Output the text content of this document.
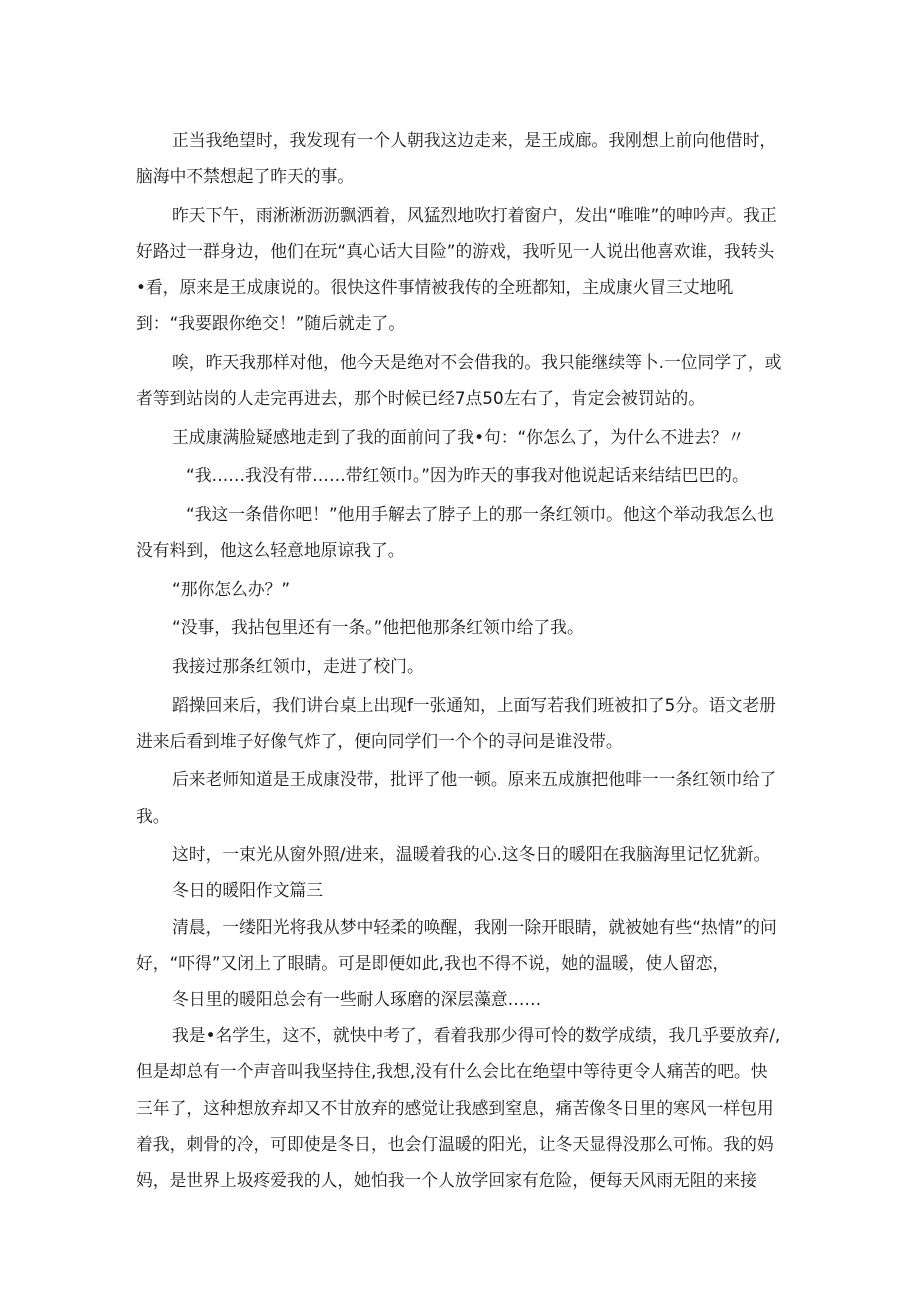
正当我绝望时，我发现有一个人朝我这边走来，是王成廊。我刚想上前向他借时，脑海中不禁想起了昨天的事。

昨天下午，雨淅淅沥沥飘洒着，风猛烈地吹打着窗户，发出“唯唯”的呻吟声。我正好路过一群身边，他们在玩“真心话大目险”的游戏，我听见一人说出他喜欢谁，我转头•看，原来是王成康说的。很快这件事情被我传的全班都知，主成康火冒三丈地吼到：“我要跟你绝交！”随后就走了。

唉，昨天我那样对他，他今天是绝对不会借我的。我只能继续等卜.一位同学了，或者等到站岗的人走完再进去，那个时候已经7点50左右了，肯定会被罚站的。

王成康满脸疑感地走到了我的面前问了我•句：“你怎么了，为什么不进去？〃

“我……我没有带……带红领巾。”因为昨天的事我对他说起话来结结巴巴的。

“我这一条借你吧！”他用手解去了脖子上的那一条红领巾。他这个举动我怎么也没有料到，他这么轻意地原谅我了。

“那你怎么办？”

“没事，我拈包里还有一条。”他把他那条红领巾给了我。

我接过那条红领巾，走进了校门。

蹈操回来后，我们讲台桌上出现f一张通知，上面写若我们班被扣了5分。语文老册进来后看到堆子好像气炸了，便向同学们一个个的寻问是谁没带。

后来老师知道是王成康没带，批评了他一顿。原来五成旗把他啡一一条红领巾给了我。

这时，一束光从窗外照/进来，温暖着我的心.这冬日的暖阳在我脑海里记忆犹新。

冬日的暖阳作文篇三

清晨，一缕阳光将我从梦中轻柔的唤醒，我刚一除开眼睛，就被她有些“热情”的问好，“吓得”又闭上了眼睛。可是即便如此,我也不得不说，她的温暖，使人留恋，

冬日里的暖阳总会有一些耐人琢磨的深层藻意……

我是•名学生，这不，就快中考了，看着我那少得可怜的数学成绩，我几乎要放弃/,但是却总有一个声音叫我坚持住,我想,没有什么会比在绝望中等待更令人痛苦的吧。快三年了，这种想放弃却又不甘放弃的感觉让我感到窒息，痛苦像冬日里的寒风一样包用着我，刺骨的冷，可即使是冬日，也会仃温暖的阳光，让冬天显得没那么可怖。我的妈妈，是世界上圾疼爱我的人，她怕我一个人放学回家有危险，便每天风雨无阻的来接
